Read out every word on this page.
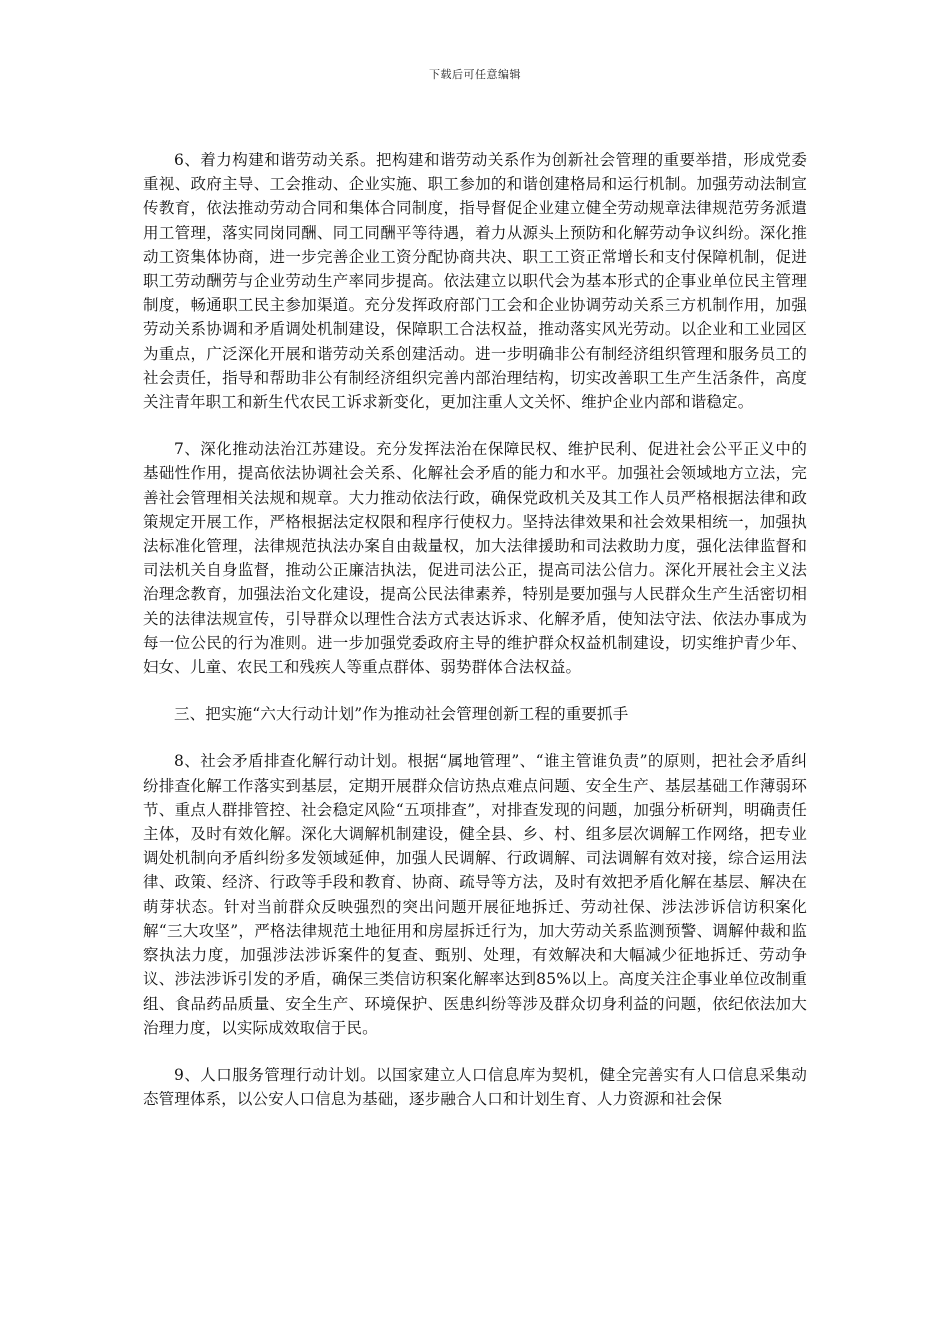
下载后可任意编辑

6、着力构建和谐劳动关系。把构建和谐劳动关系作为创新社会管理的重要举措，形成党委重视、政府主导、工会推动、企业实施、职工参加的和谐创建格局和运行机制。加强劳动法制宣传教育，依法推动劳动合同和集体合同制度，指导督促企业建立健全劳动规章法律规范劳务派遣用工管理，落实同岗同酬、同工同酬平等待遇，着力从源头上预防和化解劳动争议纠纷。深化推动工资集体协商，进一步完善企业工资分配协商共决、职工工资正常增长和支付保障机制，促进职工劳动酬劳与企业劳动生产率同步提高。依法建立以职代会为基本形式的企事业单位民主管理制度，畅通职工民主参加渠道。充分发挥政府部门工会和企业协调劳动关系三方机制作用，加强劳动关系协调和矛盾调处机制建设，保障职工合法权益，推动落实风光劳动。以企业和工业园区为重点，广泛深化开展和谐劳动关系创建活动。进一步明确非公有制经济组织管理和服务员工的社会责任，指导和帮助非公有制经济组织完善内部治理结构，切实改善职工生产生活条件，高度关注青年职工和新生代农民工诉求新变化，更加注重人文关怀、维护企业内部和谐稳定。

7、深化推动法治江苏建设。充分发挥法治在保障民权、维护民利、促进社会公平正义中的基础性作用，提高依法协调社会关系、化解社会矛盾的能力和水平。加强社会领域地方立法，完善社会管理相关法规和规章。大力推动依法行政，确保党政机关及其工作人员严格根据法律和政策规定开展工作，严格根据法定权限和程序行使权力。坚持法律效果和社会效果相统一，加强执法标准化管理，法律规范执法办案自由裁量权，加大法律援助和司法救助力度，强化法律监督和司法机关自身监督，推动公正廉洁执法，促进司法公正，提高司法公信力。深化开展社会主义法治理念教育，加强法治文化建设，提高公民法律素养，特别是要加强与人民群众生产生活密切相关的法律法规宣传，引导群众以理性合法方式表达诉求、化解矛盾，使知法守法、依法办事成为每一位公民的行为准则。进一步加强党委政府主导的维护群众权益机制建设，切实维护青少年、妇女、儿童、农民工和残疾人等重点群体、弱势群体合法权益。

三、把实施“六大行动计划”作为推动社会管理创新工程的重要抓手

8、社会矛盾排查化解行动计划。根据“属地管理”、“谁主管谁负责”的原则，把社会矛盾纠纷排查化解工作落实到基层，定期开展群众信访热点难点问题、安全生产、基层基础工作薄弱环节、重点人群排管控、社会稳定风险“五项排查”，对排查发现的问题，加强分析研判，明确责任主体，及时有效化解。深化大调解机制建设，健全县、乡、村、组多层次调解工作网络，把专业调处机制向矛盾纠纷多发领域延伸，加强人民调解、行政调解、司法调解有效对接，综合运用法律、政策、经济、行政等手段和教育、协商、疏导等方法，及时有效把矛盾化解在基层、解决在萌芽状态。针对当前群众反映强烈的突出问题开展征地拆迁、劳动社保、涉法涉诉信访积案化解“三大攻坚”，严格法律规范土地征用和房屋拆迁行为，加大劳动关系监测预警、调解仲裁和监察执法力度，加强涉法涉诉案件的复查、甄别、处理，有效解决和大幅减少征地拆迁、劳动争议、涉法涉诉引发的矛盾，确保三类信访积案化解率达到85%以上。高度关注企事业单位改制重组、食品药品质量、安全生产、环境保护、医患纠纷等涉及群众切身利益的问题，依纪依法加大治理力度，以实际成效取信于民。

9、人口服务管理行动计划。以国家建立人口信息库为契机，健全完善实有人口信息采集动态管理体系，以公安人口信息为基础，逐步融合人口和计划生育、人力资源和社会保
